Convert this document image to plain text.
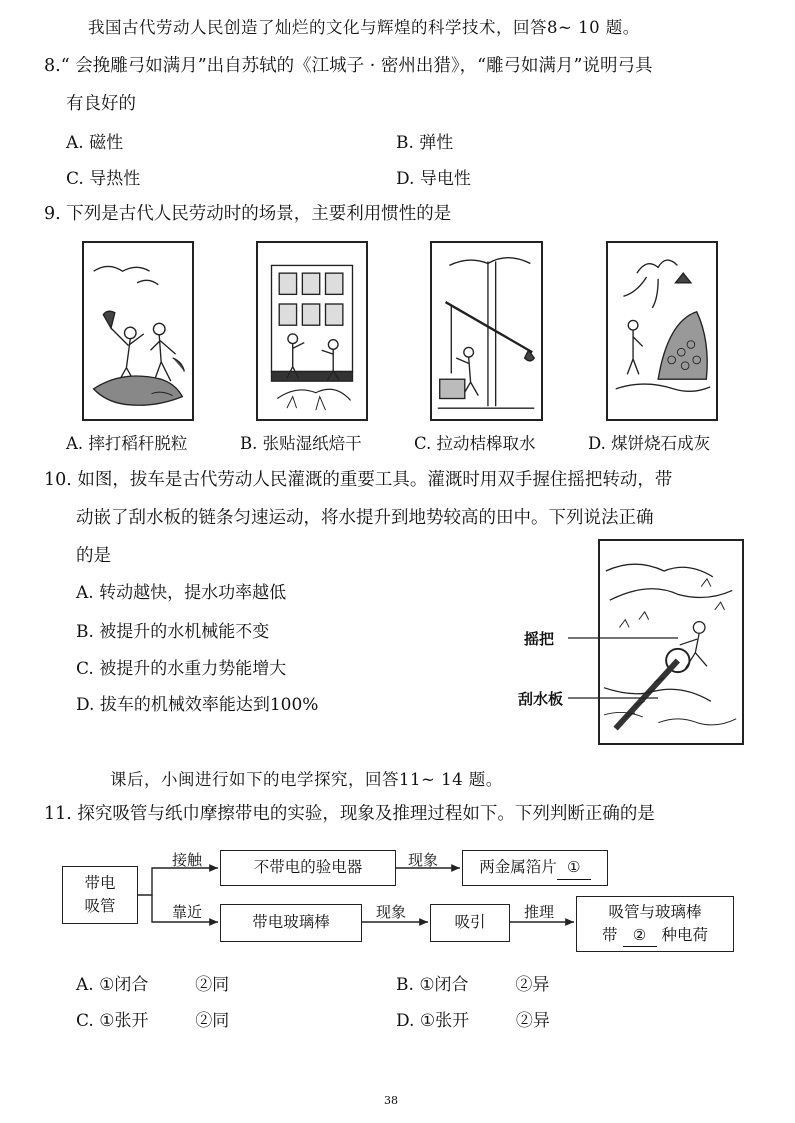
我国古代劳动人民创造了灿烂的文化与辉煌的科学技术，回答8~ 10 题。
8.“ 会挽雕弓如满月”出自苏轼的《江城子 · 密州出猎》，“雕弓如满月”说明弓具
有良好的
A. 磁性	B. 弹性
C. 导热性	D. 导电性
9. 下列是古代人民劳动时的场景，主要利用惯性的是
A. 摔打稻秆脱粒	B. 张贴湿纸焙干	C. 拉动桔槔取水	D. 煤饼烧石成灰
10. 如图，拔车是古代劳动人民灌溉的重要工具。灌溉时用双手握住摇把转动，带
动嵌了刮水板的链条匀速运动，将水提升到地势较高的田中。下列说法正确
的是
A. 转动越快，提水功率越低
B. 被提升的水机械能不变
C. 被提升的水重力势能增大
D. 拔车的机械效率能达到100%
摇把
刮水板
课后，小闽进行如下的电学探究，回答11~ 14 题。
11. 探究吸管与纸巾摩擦带电的实验，现象及推理过程如下。下列判断正确的是
带电
吸管
接触
靠近
不带电的验电器	现象	两金属箔片 ①
带电玻璃棒
现象
吸引
推理	吸管与玻璃棒
带 ② 种电荷
A. ①闭合	②同	B. ①闭合	②异
C. ①张开	②同	D. ①张开	②异
38
